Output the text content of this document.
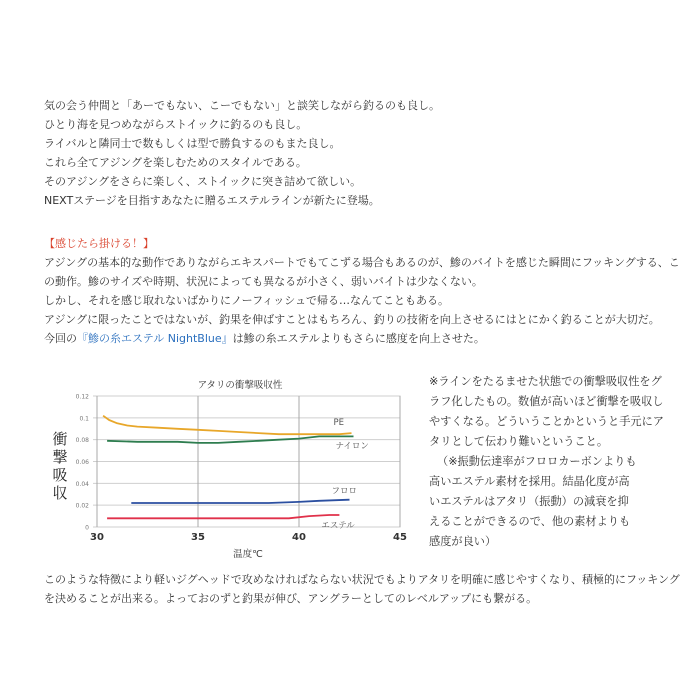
気の会う仲間と「あーでもない、こーでもない」と談笑しながら釣るのも良し。
ひとり海を見つめながらストイックに釣るのも良し。
ライバルと隣同士で数もしくは型で勝負するのもまた良し。
これら全てアジングを楽しむためのスタイルである。
そのアジングをさらに楽しく、ストイックに突き詰めて欲しい。
NEXTステージを目指すあなたに贈るエステルラインが新たに登場。
【感じたら掛ける！】
アジングの基本的な動作でありながらエキスパートでもてこずる場合もあるのが、鯵のバイトを感じた瞬間にフッキングする、こ
の動作。鯵のサイズや時期、状況によっても異なるが小さく、弱いバイトは少なくない。
しかし、それを感じ取れないばかりにノーフィッシュで帰る…なんてこともある。
アジングに限ったことではないが、釣果を伸ばすことはもちろん、釣りの技術を向上させるにはとにかく釣ることが大切だ。
今回の『鯵の糸エステル NightBlue』は鯵の糸エステルよりもさらに感度を向上させた。
アタリの衝撃吸収性
衝
撃
吸
収
0
0.02
0.04
0.06
0.08
0.1
0.12
30	35	40	45
PE
ナイロン
フロロ
エステル
温度℃
※ラインをたるませた状態での衝撃吸収性をグ
ラフ化したもの。数値が高いほど衝撃を吸収し
やすくなる。どういうことかというと手元にア
タリとして伝わり難いということ。
（※振動伝達率がフロロカーボンよりも
高いエステル素材を採用。結晶化度が高
いエステルはアタリ（振動）の減衰を抑
えることができるので、他の素材よりも
感度が良い）
このような特徴により軽いジグヘッドで攻めなければならない状況でもよりアタリを明確に感じやすくなり、積極的にフッキング
を決めることが出来る。よっておのずと釣果が伸び、アングラーとしてのレベルアップにも繋がる。
